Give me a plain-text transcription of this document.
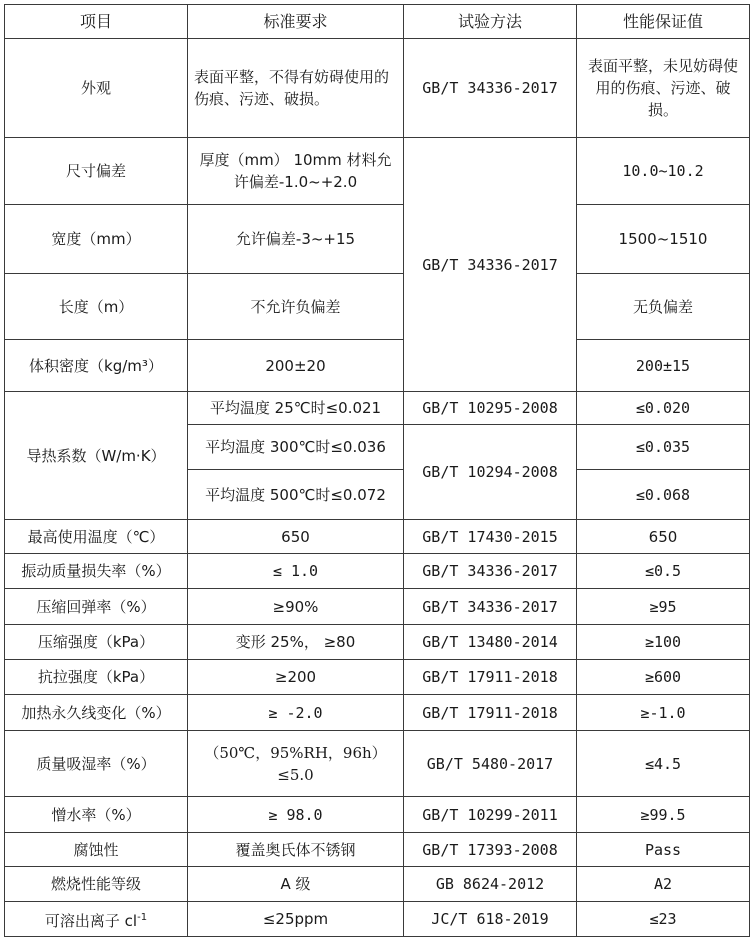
项目	标准要求	试验方法	性能保证值
外观	表面平整，不得有妨碍使用的伤痕、污迹、破损。	GB/T 34336-2017	表面平整，未见妨碍使用的伤痕、污迹、破损。
尺寸偏差	厚度（mm） 10mm 材料允许偏差-1.0~+2.0	GB/T 34336-2017	10.0~10.2
宽度（mm）	允许偏差-3~+15		1500~1510
长度（m）	不允许负偏差		无负偏差
体积密度（kg/m³）	200±20		200±15
导热系数（W/m·K）	平均温度 25℃时≤0.021	GB/T 10295-2008	≤0.020
	平均温度 300℃时≤0.036	GB/T 10294-2008	≤0.035
	平均温度 500℃时≤0.072		≤0.068
最高使用温度（℃）	650	GB/T 17430-2015	650
振动质量损失率（%）	≤ 1.0	GB/T 34336-2017	≤0.5
压缩回弹率（%）	≥90%	GB/T 34336-2017	≥95
压缩强度（kPa）	变形 25%， ≥80	GB/T 13480-2014	≥100
抗拉强度（kPa）	≥200	GB/T 17911-2018	≥600
加热永久线变化（%）	≥ -2.0	GB/T 17911-2018	≥-1.0
质量吸湿率（%）	（50℃，95%RH，96h）≤5.0	GB/T 5480-2017	≤4.5
憎水率（%）	≥ 98.0	GB/T 10299-2011	≥99.5
腐蚀性	覆盖奥氏体不锈钢	GB/T 17393-2008	Pass
燃烧性能等级	A 级	GB 8624-2012	A2
可溶出离子 $cl^{-1}$	≤25ppm	JC/T 618-2019	≤23
